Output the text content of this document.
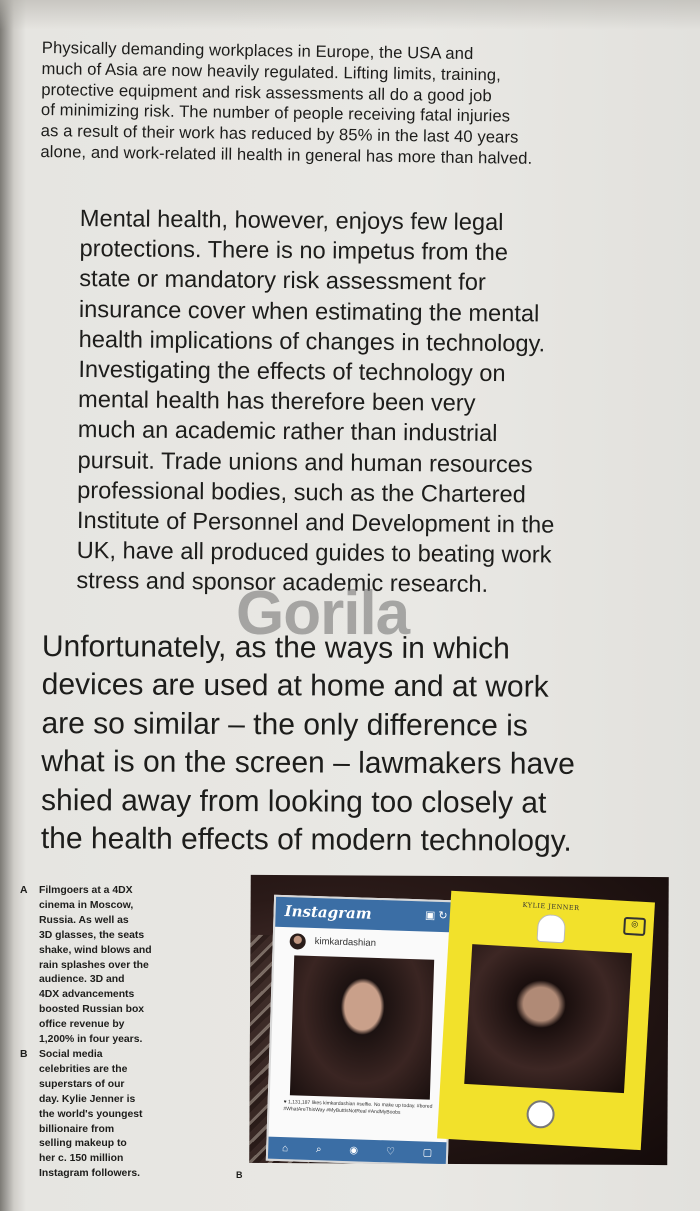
Physically demanding workplaces in Europe, the USA and
much of Asia are now heavily regulated. Lifting limits, training,
protective equipment and risk assessments all do a good job
of minimizing risk. The number of people receiving fatal injuries
as a result of their work has reduced by 85% in the last 40 years
alone, and work-related ill health in general has more than halved.
Mental health, however, enjoys few legal
protections. There is no impetus from the
state or mandatory risk assessment for
insurance cover when estimating the mental
health implications of changes in technology.
Investigating the effects of technology on
mental health has therefore been very
much an academic rather than industrial
pursuit. Trade unions and human resources
professional bodies, such as the Chartered
Institute of Personnel and Development in the
UK, have all produced guides to beating work
stress and sponsor academic research.
Gorila
Unfortunately, as the ways in which
devices are used at home and at work
are so similar – the only difference is
what is on the screen – lawmakers have
shied away from looking too closely at
the health effects of modern technology.
A Filmgoers at a 4DX
cinema in Moscow,
Russia. As well as
3D glasses, the seats
shake, wind blows and
rain splashes over the
audience. 3D and
4DX advancements
boosted Russian box
office revenue by
1,200% in four years.
B Social media
celebrities are the
superstars of our
day. Kylie Jenner is
the world's youngest
billionaire from
selling makeup to
her c. 150 million
Instagram followers.	B
Instagram	▣ ↻
kimkardashian
♥ 1,131,187 likes kimkardashian #selfie. No make up today. #bored #WhatAreThisWay #MyButtIsNotReal #AndMyBoobs
⌂	⌕	◉	♡	▢
KYLIE JENNER
◎
